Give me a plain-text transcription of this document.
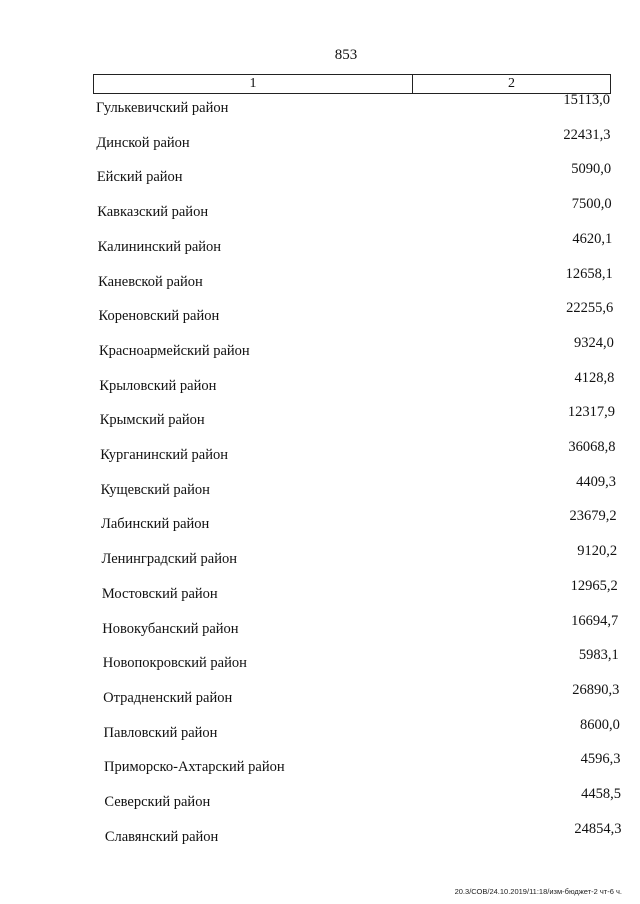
853
1	2
Гулькевичский район	15113,0
Динской район	22431,3
Ейский район	5090,0
Кавказский район	7500,0
Калининский район	4620,1
Каневской район	12658,1
Кореновский район	22255,6
Красноармейский район	9324,0
Крыловский район	4128,8
Крымский район	12317,9
Курганинский район	36068,8
Кущевский район	4409,3
Лабинский район	23679,2
Ленинградский район	9120,2
Мостовский район	12965,2
Новокубанский район	16694,7
Новопокровский район	5983,1
Отрадненский район	26890,3
Павловский район	8600,0
Приморско-Ахтарский район	4596,3
Северский район	4458,5
Славянский район	24854,3
20.3/СОВ/24.10.2019/11:18/изм-бюджет-2 чт-6 ч.
